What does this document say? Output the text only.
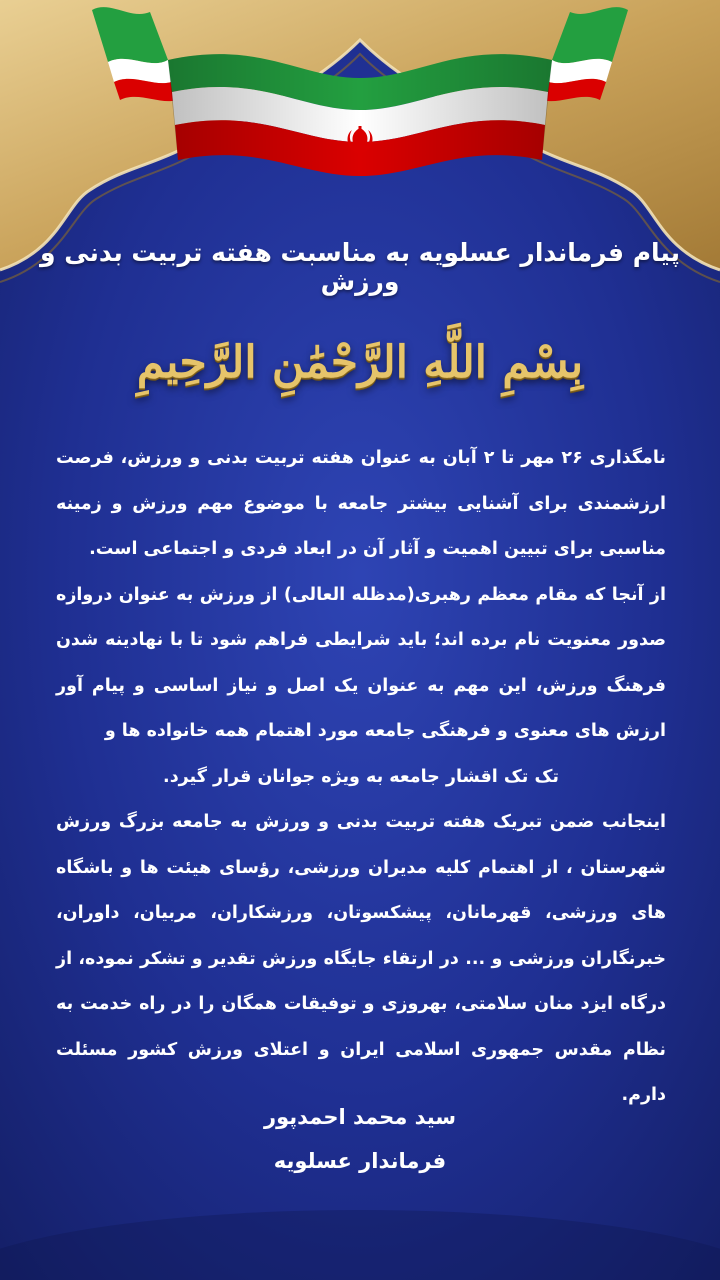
پیام فرماندار عسلویه به مناسبت هفته تربیت بدنی و ورزش
بِسْمِ اللَّهِ الرَّحْمَٰنِ الرَّحِيمِ

نامگذاری ۲۶ مهر تا ۲ آبان به عنوان هفته تربیت بدنی و ورزش، فرصت ارزشمندی برای آشنایی بیشتر جامعه با موضوع مهم ورزش و زمینه مناسبی برای تبیین اهمیت و آثار آن در ابعاد فردی و اجتماعی است.

از آنجا که مقام معظم رهبری(مدظله العالی) از ورزش به عنوان دروازه صدور معنویت نام برده اند؛ باید شرایطی فراهم شود تا با نهادینه شدن فرهنگ ورزش، این مهم به عنوان یک اصل و نیاز اساسی و پیام آور ارزش های معنوی و فرهنگی جامعه مورد اهتمام همه خانواده ها و

تک تک اقشار جامعه به ویژه جوانان قرار گیرد.

اینجانب ضمن تبریک هفته تربیت بدنی و ورزش به جامعه بزرگ ورزش شهرستان ، از اهتمام کلیه مدیران ورزشی، رؤسای هیئت ها و باشگاه های ورزشی، قهرمانان، پیشکسوتان، ورزشکاران، مربیان، داوران، خبرنگاران ورزشی و ... در ارتقاء جایگاه ورزش تقدیر و تشکر نموده، از درگاه ایزد منان سلامتی، بهروزی و توفیقات همگان را در راه خدمت به نظام مقدس جمهوری اسلامی ایران و اعتلای ورزش کشور مسئلت دارم.

سید محمد احمدپور
فرماندار عسلویه
